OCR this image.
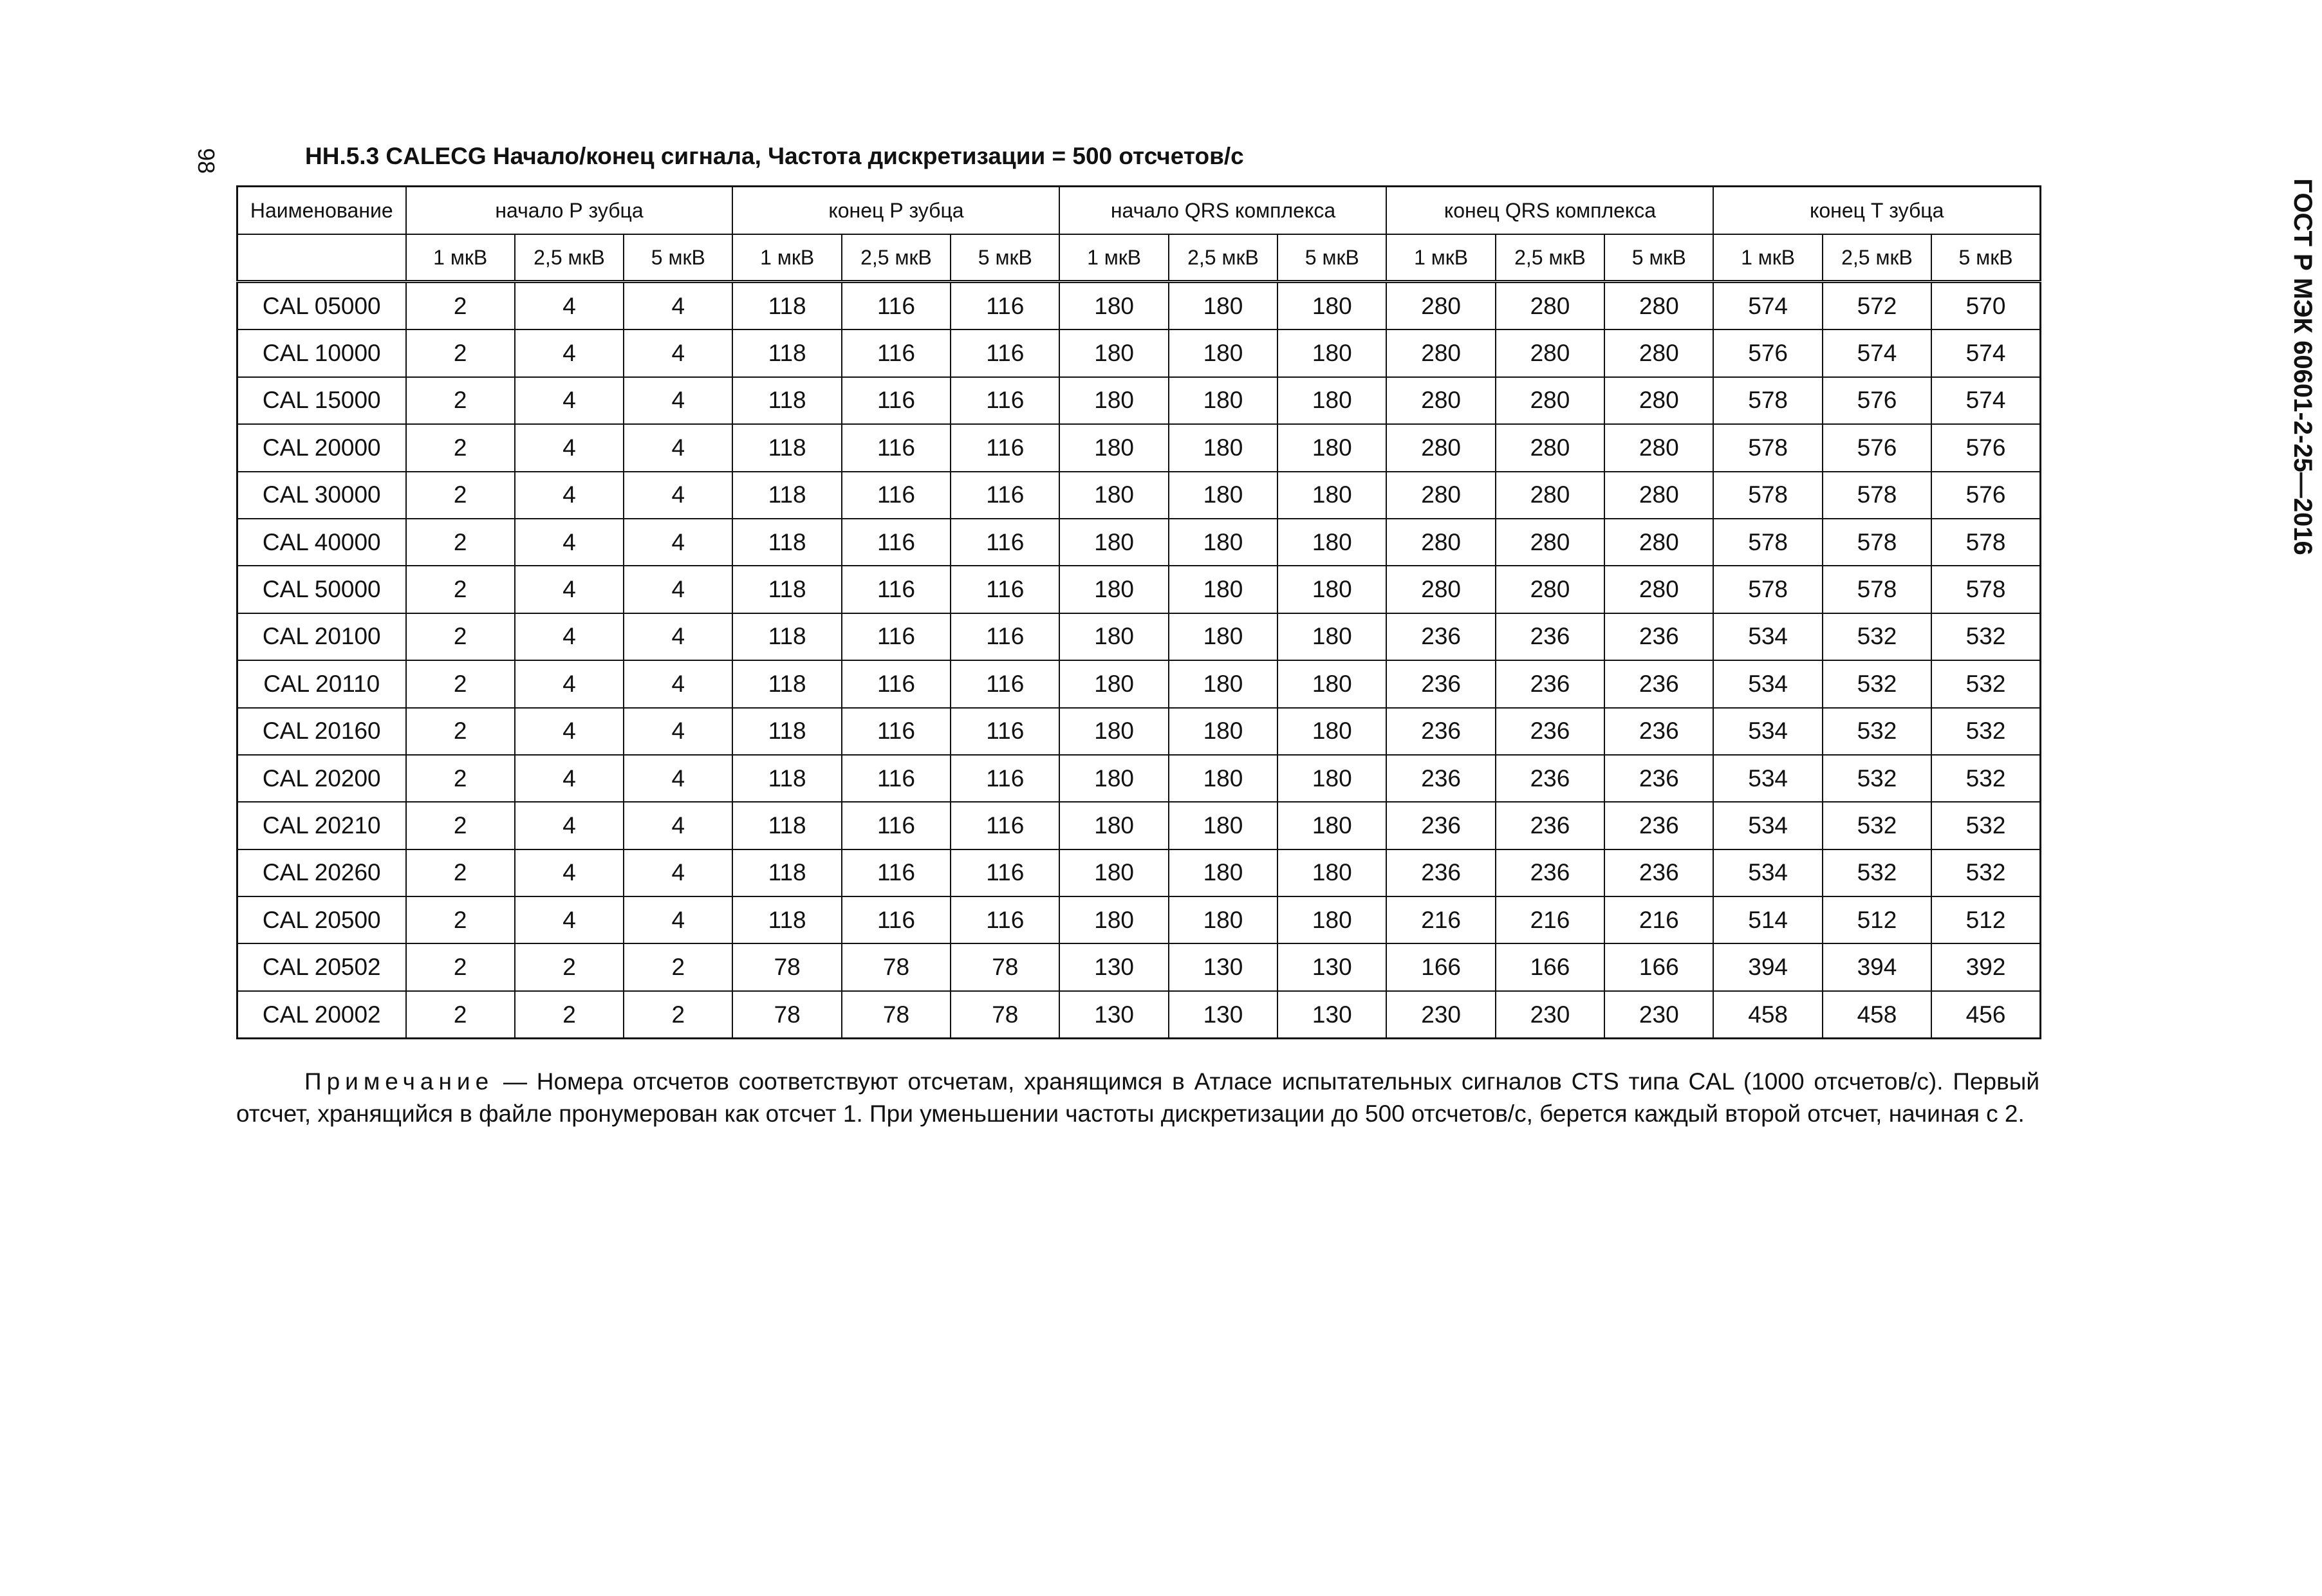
98
ГОСТ Р МЭК 60601-2-25—2016
НН.5.3 CALECG Начало/конец сигнала, Частота дискретизации = 500 отсчетов/с
Наименование	начало Р зубца			конец Р зубца			начало QRS комплекса			конец QRS комплекса			конец Т зубца		
	1 мкВ	2,5 мкВ	5 мкВ	1 мкВ	2,5 мкВ	5 мкВ	1 мкВ	2,5 мкВ	5 мкВ	1 мкВ	2,5 мкВ	5 мкВ	1 мкВ	2,5 мкВ	5 мкВ
CAL 05000	2	4	4	118	116	116	180	180	180	280	280	280	574	572	570
CAL 10000	2	4	4	118	116	116	180	180	180	280	280	280	576	574	574
CAL 15000	2	4	4	118	116	116	180	180	180	280	280	280	578	576	574
CAL 20000	2	4	4	118	116	116	180	180	180	280	280	280	578	576	576
CAL 30000	2	4	4	118	116	116	180	180	180	280	280	280	578	578	576
CAL 40000	2	4	4	118	116	116	180	180	180	280	280	280	578	578	578
CAL 50000	2	4	4	118	116	116	180	180	180	280	280	280	578	578	578
CAL 20100	2	4	4	118	116	116	180	180	180	236	236	236	534	532	532
CAL 20110	2	4	4	118	116	116	180	180	180	236	236	236	534	532	532
CAL 20160	2	4	4	118	116	116	180	180	180	236	236	236	534	532	532
CAL 20200	2	4	4	118	116	116	180	180	180	236	236	236	534	532	532
CAL 20210	2	4	4	118	116	116	180	180	180	236	236	236	534	532	532
CAL 20260	2	4	4	118	116	116	180	180	180	236	236	236	534	532	532
CAL 20500	2	4	4	118	116	116	180	180	180	216	216	216	514	512	512
CAL 20502	2	2	2	78	78	78	130	130	130	166	166	166	394	394	392
CAL 20002	2	2	2	78	78	78	130	130	130	230	230	230	458	458	456
Примечание — Номера отсчетов соответствуют отсчетам, хранящимся в Атласе испытательных сигналов CTS типа CAL (1000 отсчетов/с). Первый отсчет, хранящийся в файле пронумерован как отсчет 1. При уменьшении частоты дискретизации до 500 отсчетов/с, берется каждый второй отсчет, начиная с 2.
